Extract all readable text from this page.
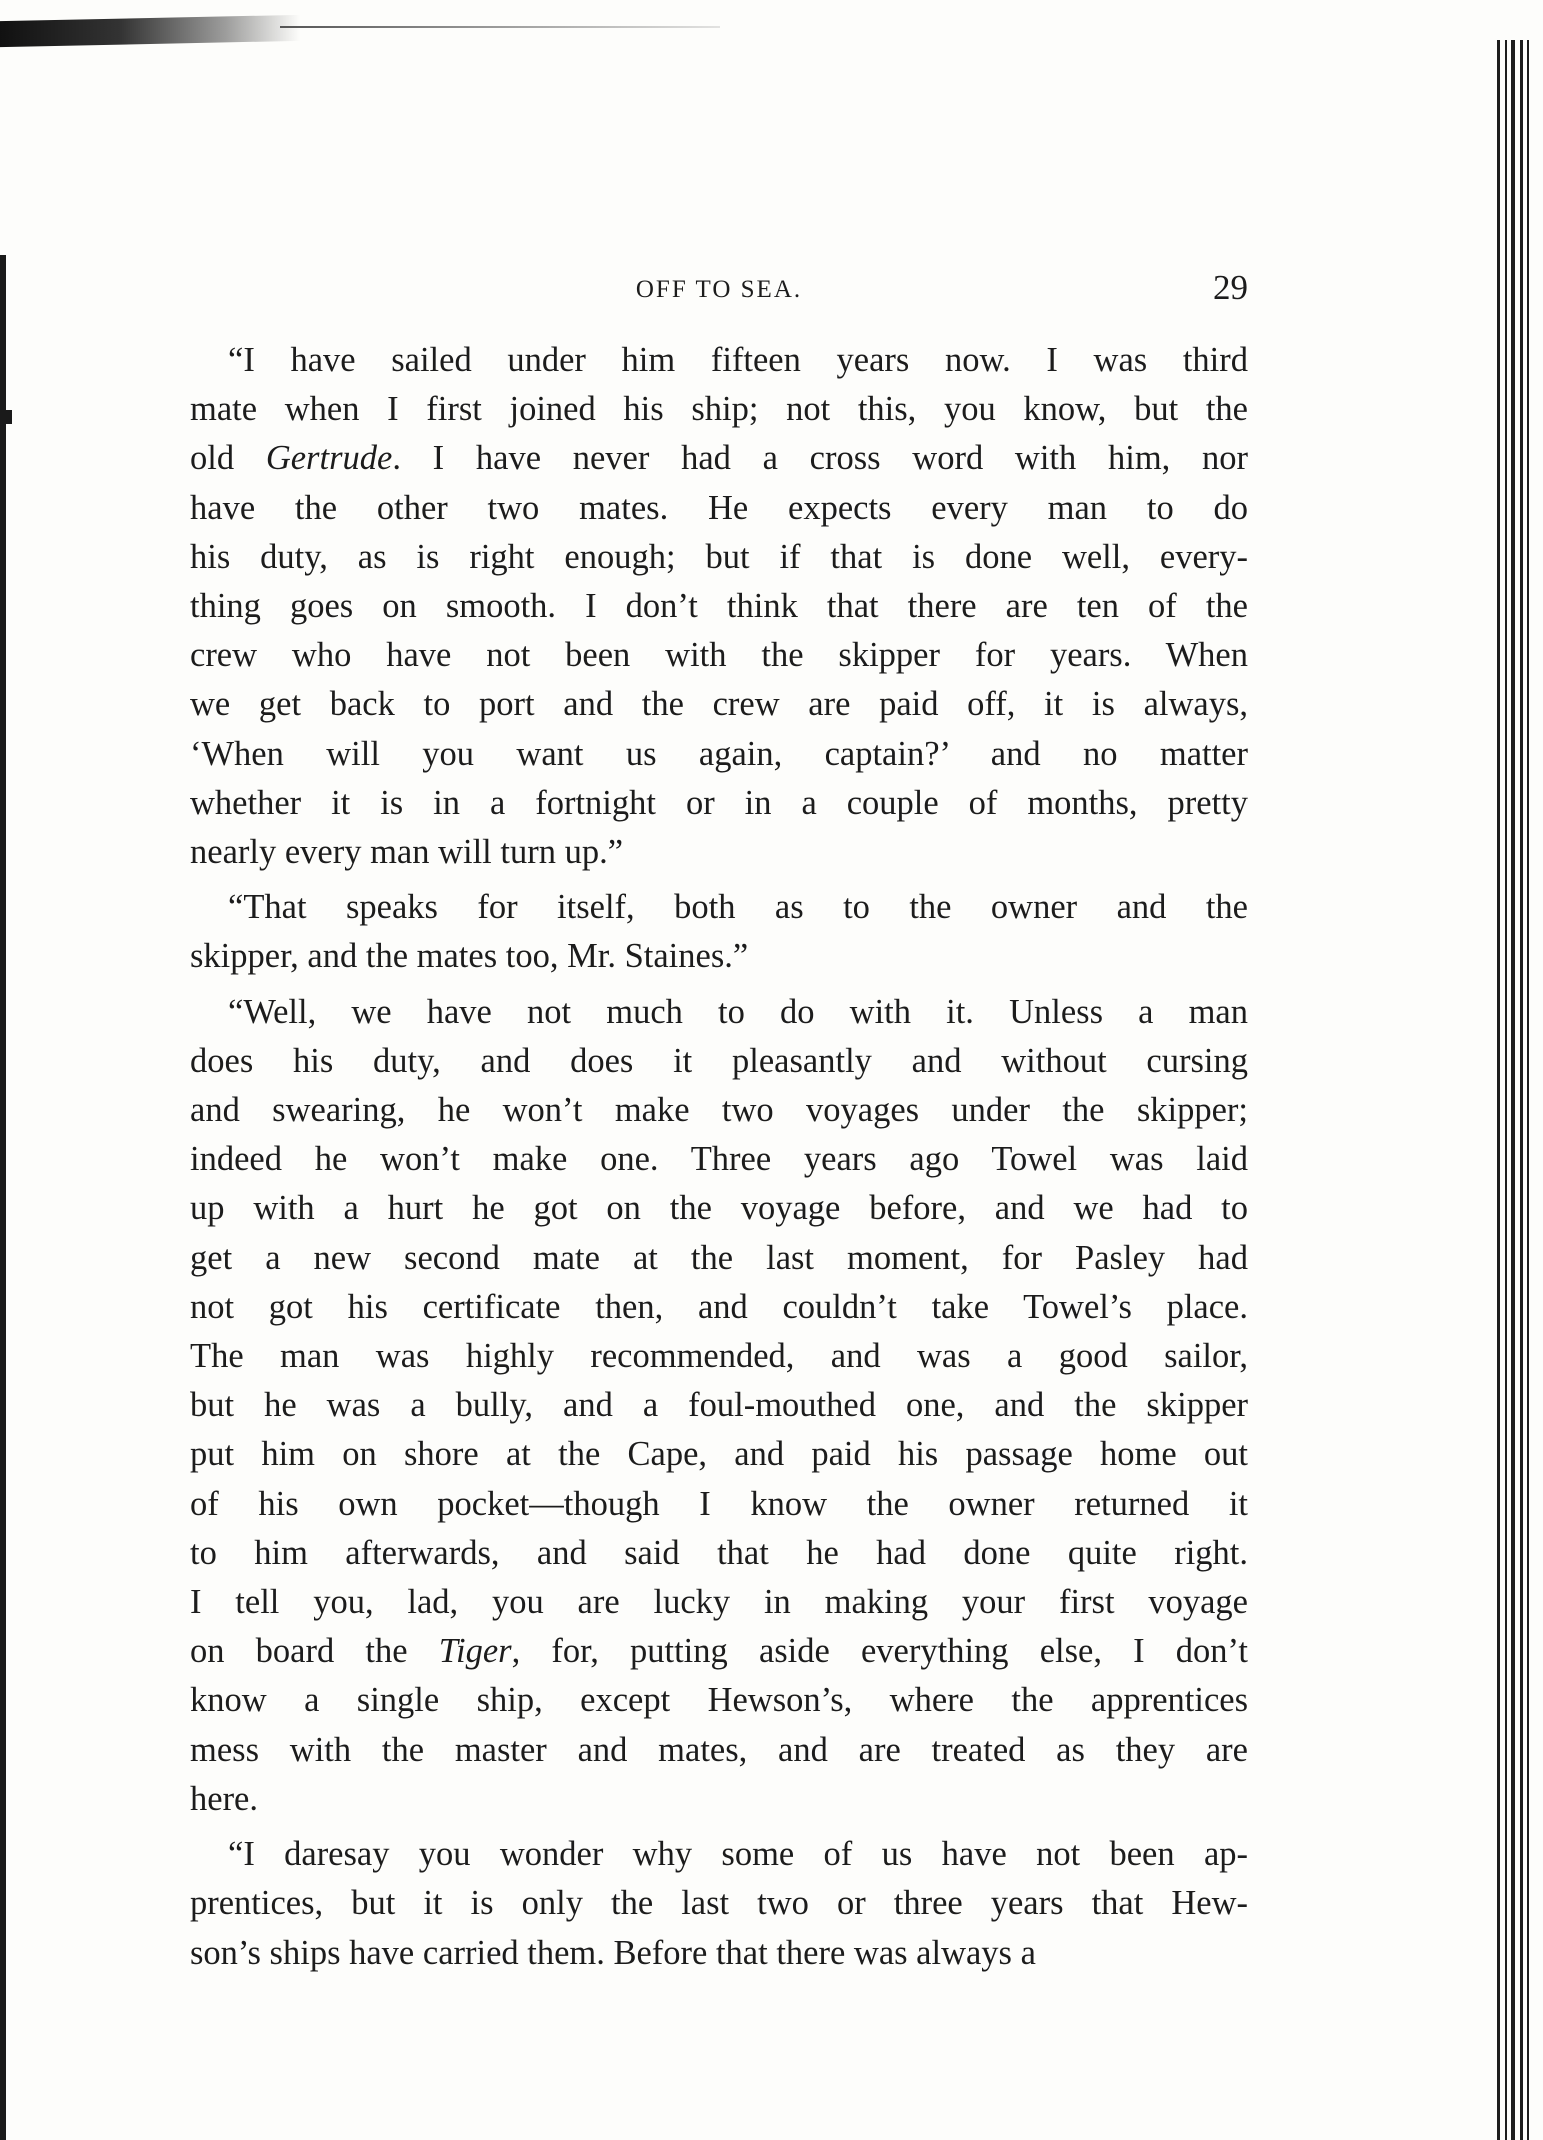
OFF TO SEA.	29
“I have sailed under him fifteen years now. I was third
mate when I first joined his ship; not this, you know, but the
old Gertrude. I have never had a cross word with him, nor
have the other two mates. He expects every man to do
his duty, as is right enough; but if that is done well, every-
thing goes on smooth. I don’t think that there are ten of the
crew who have not been with the skipper for years. When
we get back to port and the crew are paid off, it is always,
‘When will you want us again, captain?’ and no matter
whether it is in a fortnight or in a couple of months, pretty
nearly every man will turn up.”
“That speaks for itself, both as to the owner and the
skipper, and the mates too, Mr. Staines.”
“Well, we have not much to do with it. Unless a man
does his duty, and does it pleasantly and without cursing
and swearing, he won’t make two voyages under the skipper;
indeed he won’t make one. Three years ago Towel was laid
up with a hurt he got on the voyage before, and we had to
get a new second mate at the last moment, for Pasley had
not got his certificate then, and couldn’t take Towel’s place.
The man was highly recommended, and was a good sailor,
but he was a bully, and a foul-mouthed one, and the skipper
put him on shore at the Cape, and paid his passage home out
of his own pocket—though I know the owner returned it
to him afterwards, and said that he had done quite right.
I tell you, lad, you are lucky in making your first voyage
on board the Tiger, for, putting aside everything else, I don’t
know a single ship, except Hewson’s, where the apprentices
mess with the master and mates, and are treated as they are
here.
“I daresay you wonder why some of us have not been ap-
prentices, but it is only the last two or three years that Hew-
son’s ships have carried them. Before that there was always a
